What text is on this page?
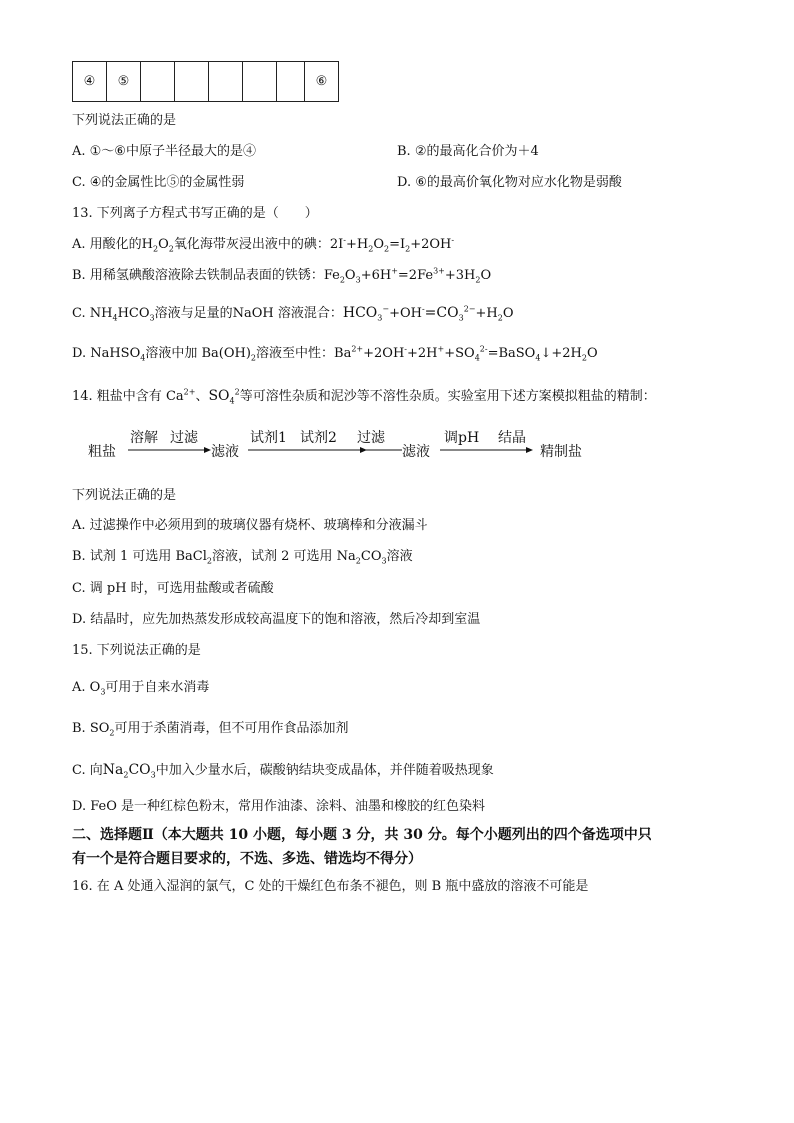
④	⑤						⑥
下列说法正确的是
A. ①～⑥中原子半径最大的是④	B. ②的最高化合价为＋4
C. ④的金属性比⑤的金属性弱	D. ⑥的最高价氧化物对应水化物是弱酸
13. 下列离子方程式书写正确的是（　　）
A. 用酸化的$H_2O_2$氧化海带灰浸出液中的碘：$2I^-+H_2O_2=I_2+2OH^-$
B. 用稀氢碘酸溶液除去铁制品表面的铁锈：$Fe_2O_3+6H^+=2Fe^{3+}+3H_2O$
C. $NH_4HCO_3$溶液与足量的NaOH 溶液混合：$HCO_3^-+OH^-=CO_3^{2-}+H_2O$
D. NaHSO$_4$溶液中加 $Ba(OH)_2$溶液至中性：$Ba^{2+}+2OH^-+2H^++SO_4^{2-}=BaSO_4↓+2H_2O$
14. 粗盐中含有 $Ca^{2+}$、$SO_4^2$等可溶性杂质和泥沙等不溶性杂质。实验室用下述方案模拟粗盐的精制：
粗盐
溶解 过滤
滤液
试剂1 试剂2 过滤
滤液
调pH 结晶
精制盐
下列说法正确的是
A. 过滤操作中必须用到的玻璃仪器有烧杯、玻璃棒和分液漏斗
B. 试剂 1 可选用 BaCl$_2$溶液，试剂 2 可选用 $Na_2CO_3$溶液
C. 调 pH 时，可选用盐酸或者硫酸
D. 结晶时，应先加热蒸发形成较高温度下的饱和溶液，然后冷却到室温
15. 下列说法正确的是
A. $O_3$可用于自来水消毒
B. $SO_2$可用于杀菌消毒，但不可用作食品添加剂
C. 向$Na_2CO_3$中加入少量水后，碳酸钠结块变成晶体，并伴随着吸热现象
D. FeO 是一种红棕色粉末，常用作油漆、涂料、油墨和橡胶的红色染料
二、选择题Ⅱ（本大题共 10 小题，每小题 3 分，共 30 分。每个小题列出的四个备选项中只
有一个是符合题目要求的，不选、多选、错选均不得分）
16. 在 A 处通入湿润的氯气，C 处的干燥红色布条不褪色，则 B 瓶中盛放的溶液不可能是
